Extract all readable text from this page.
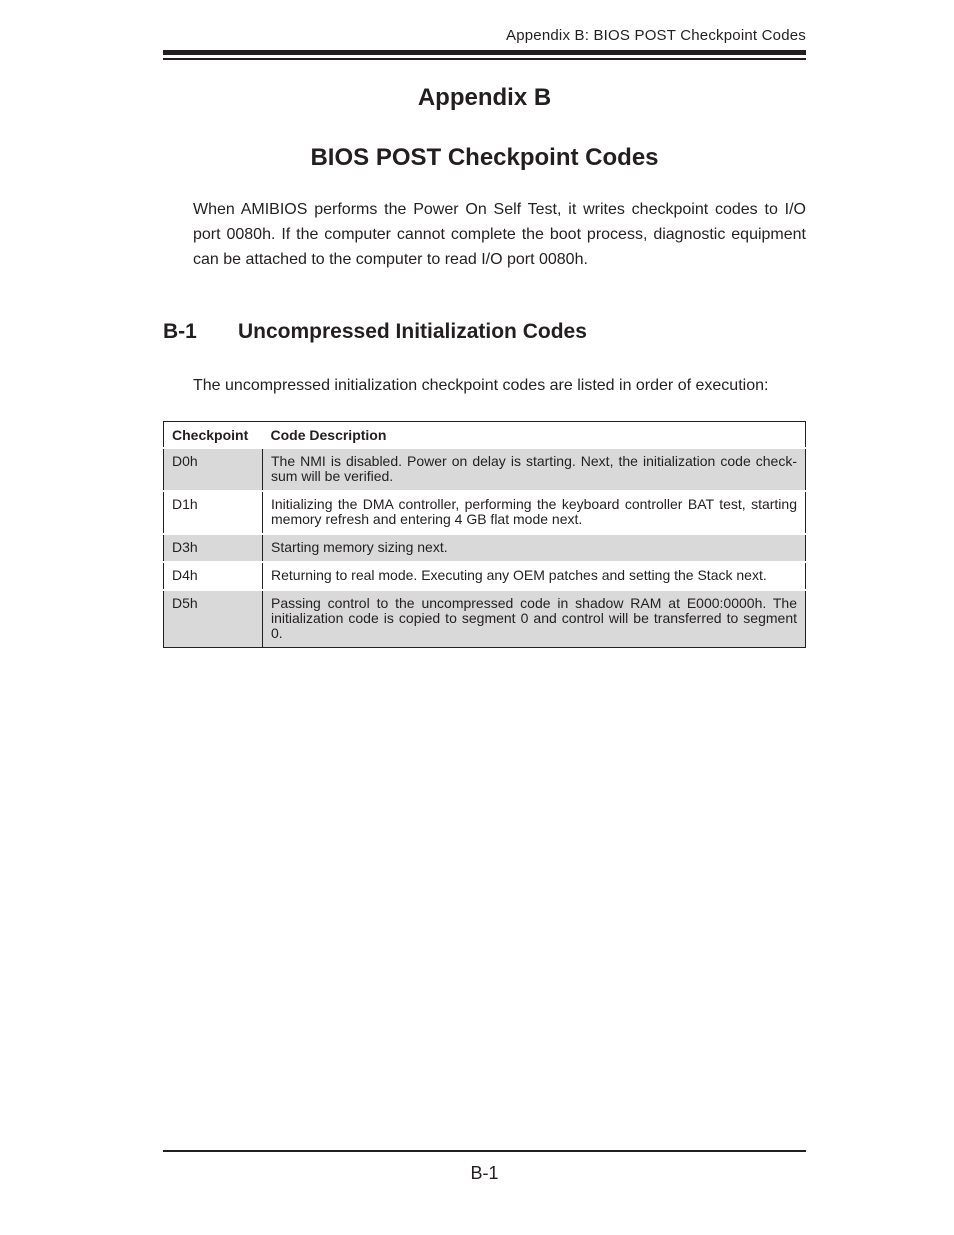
Appendix B: BIOS POST Checkpoint Codes
Appendix B
BIOS POST Checkpoint Codes

When AMIBIOS performs the Power On Self Test, it writes checkpoint codes to I/O port 0080h. If the computer cannot complete the boot process, diagnostic equipment can be attached to the computer to read I/O port 0080h.

B-1 Uncompressed Initialization Codes

The uncompressed initialization checkpoint codes are listed in order of execution:

Checkpoint	Code Description
D0h	The NMI is disabled. Power on delay is starting. Next, the initialization code check-sum will be verified.
D1h	Initializing the DMA controller, performing the keyboard controller BAT test, starting memory refresh and entering 4 GB flat mode next.
D3h	Starting memory sizing next.
D4h	Returning to real mode. Executing any OEM patches and setting the Stack next.
D5h	Passing control to the uncompressed code in shadow RAM at E000:0000h. The initialization code is copied to segment 0 and control will be transferred to segment 0.
B-1
